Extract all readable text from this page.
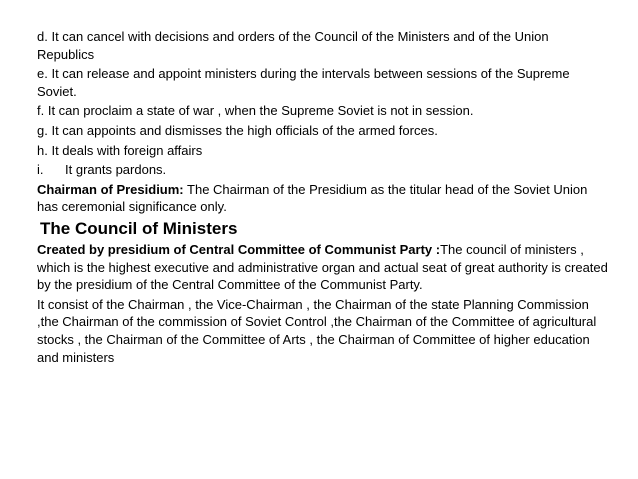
d. It can cancel with decisions and orders of the Council of the Ministers and of the Union Republics
e. It can release and appoint ministers during the intervals between sessions of the Supreme Soviet.
f. It can proclaim a state of war , when the Supreme Soviet is not in session.
g. It can appoints and dismisses the high officials of the armed forces.
h. It deals with foreign affairs
i. It grants pardons.
Chairman of Presidium: The Chairman of the Presidium as the titular head of the Soviet Union has ceremonial significance only.
The Council of Ministers
Created by presidium of Central Committee of Communist Party :The council of ministers , which is the highest executive and administrative organ and actual seat of great authority is created by the presidium of the Central Committee of the Communist Party.
It consist of the Chairman , the Vice-Chairman , the Chairman of the state Planning Commission ,the Chairman of the commission of Soviet Control ,the Chairman of the Committee of agricultural stocks , the Chairman of the Committee of Arts , the Chairman of Committee of higher education and ministers
